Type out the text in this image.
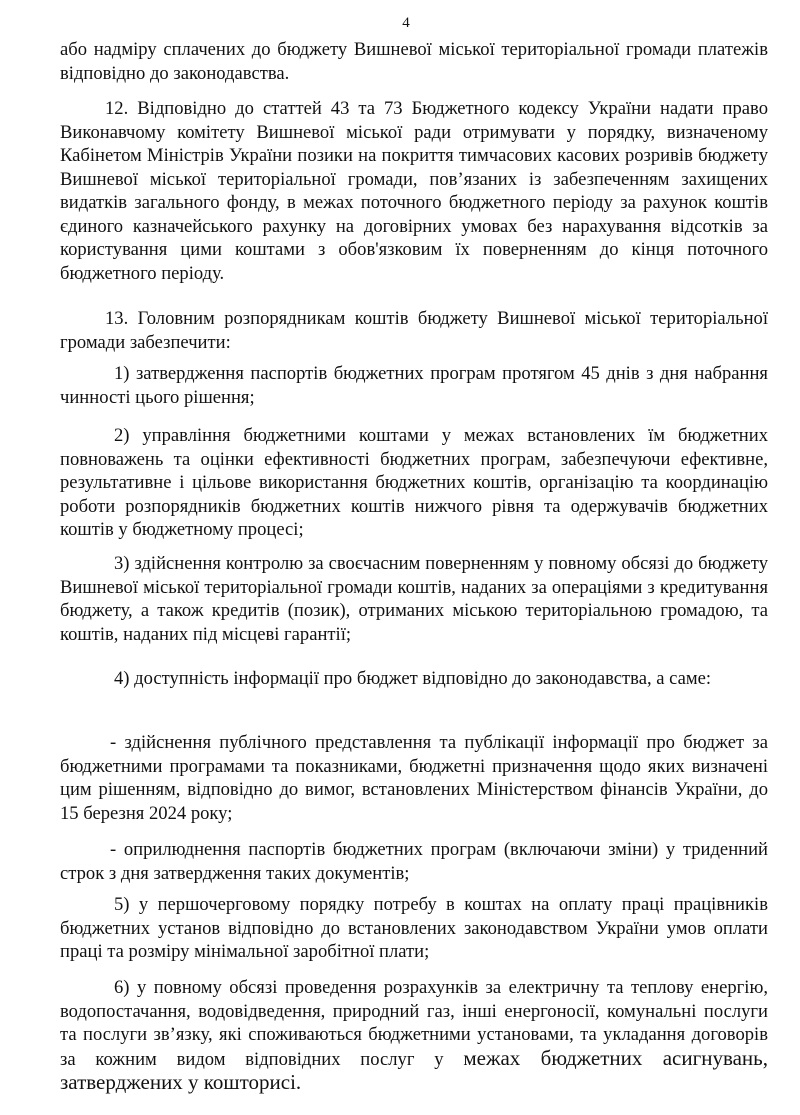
4

або надміру сплачених до бюджету Вишневої міської територіальної громади платежів відповідно до законодавства.

12. Відповідно до статтей 43 та 73 Бюджетного кодексу України надати право Виконавчому комітету Вишневої міської ради отримувати у порядку, визначеному Кабінетом Міністрів України позики на покриття тимчасових касових розривів бюджету Вишневої міської територіальної громади, пов’язаних із забезпеченням захищених видатків загального фонду, в межах поточного бюджетного періоду за рахунок коштів єдиного казначейського рахунку на договірних умовах без нарахування відсотків за користування цими коштами з обов'язковим їх поверненням до кінця поточного бюджетного періоду.

13. Головним розпорядникам коштів бюджету Вишневої міської територіальної громади забезпечити:

1) затвердження паспортів бюджетних програм протягом 45 днів з дня набрання чинності цього рішення;

2) управління бюджетними коштами у межах встановлених їм бюджетних повноважень та оцінки ефективності бюджетних програм, забезпечуючи ефективне, результативне і цільове використання бюджетних коштів, організацію та координацію роботи розпорядників бюджетних коштів нижчого рівня та одержувачів бюджетних коштів у бюджетному процесі;

3) здійснення контролю за своєчасним поверненням у повному обсязі до бюджету Вишневої міської територіальної громади коштів, наданих за операціями з кредитування бюджету, а також кредитів (позик), отриманих міською територіальною громадою, та коштів, наданих під місцеві гарантії;

4) доступність інформації про бюджет відповідно до законодавства, а саме:

- здійснення публічного представлення та публікації інформації про бюджет за бюджетними програмами та показниками, бюджетні призначення щодо яких визначені цим рішенням, відповідно до вимог, встановлених Міністерством фінансів України, до 15 березня 2024 року;

- оприлюднення паспортів бюджетних програм (включаючи зміни) у триденний строк з дня затвердження таких документів;

5) у першочерговому порядку потребу в коштах на оплату праці працівників бюджетних установ відповідно до встановлених законодавством України умов оплати праці та розміру мінімальної заробітної плати;

6) у повному обсязі проведення розрахунків за електричну та теплову енергію, водопостачання, водовідведення, природний газ, інші енергоносії, комунальні послуги та послуги зв’язку, які споживаються бюджетними установами, та укладання договорів за кожним видом відповідних послуг у межах бюджетних асигнувань, затверджених у кошторисі.
